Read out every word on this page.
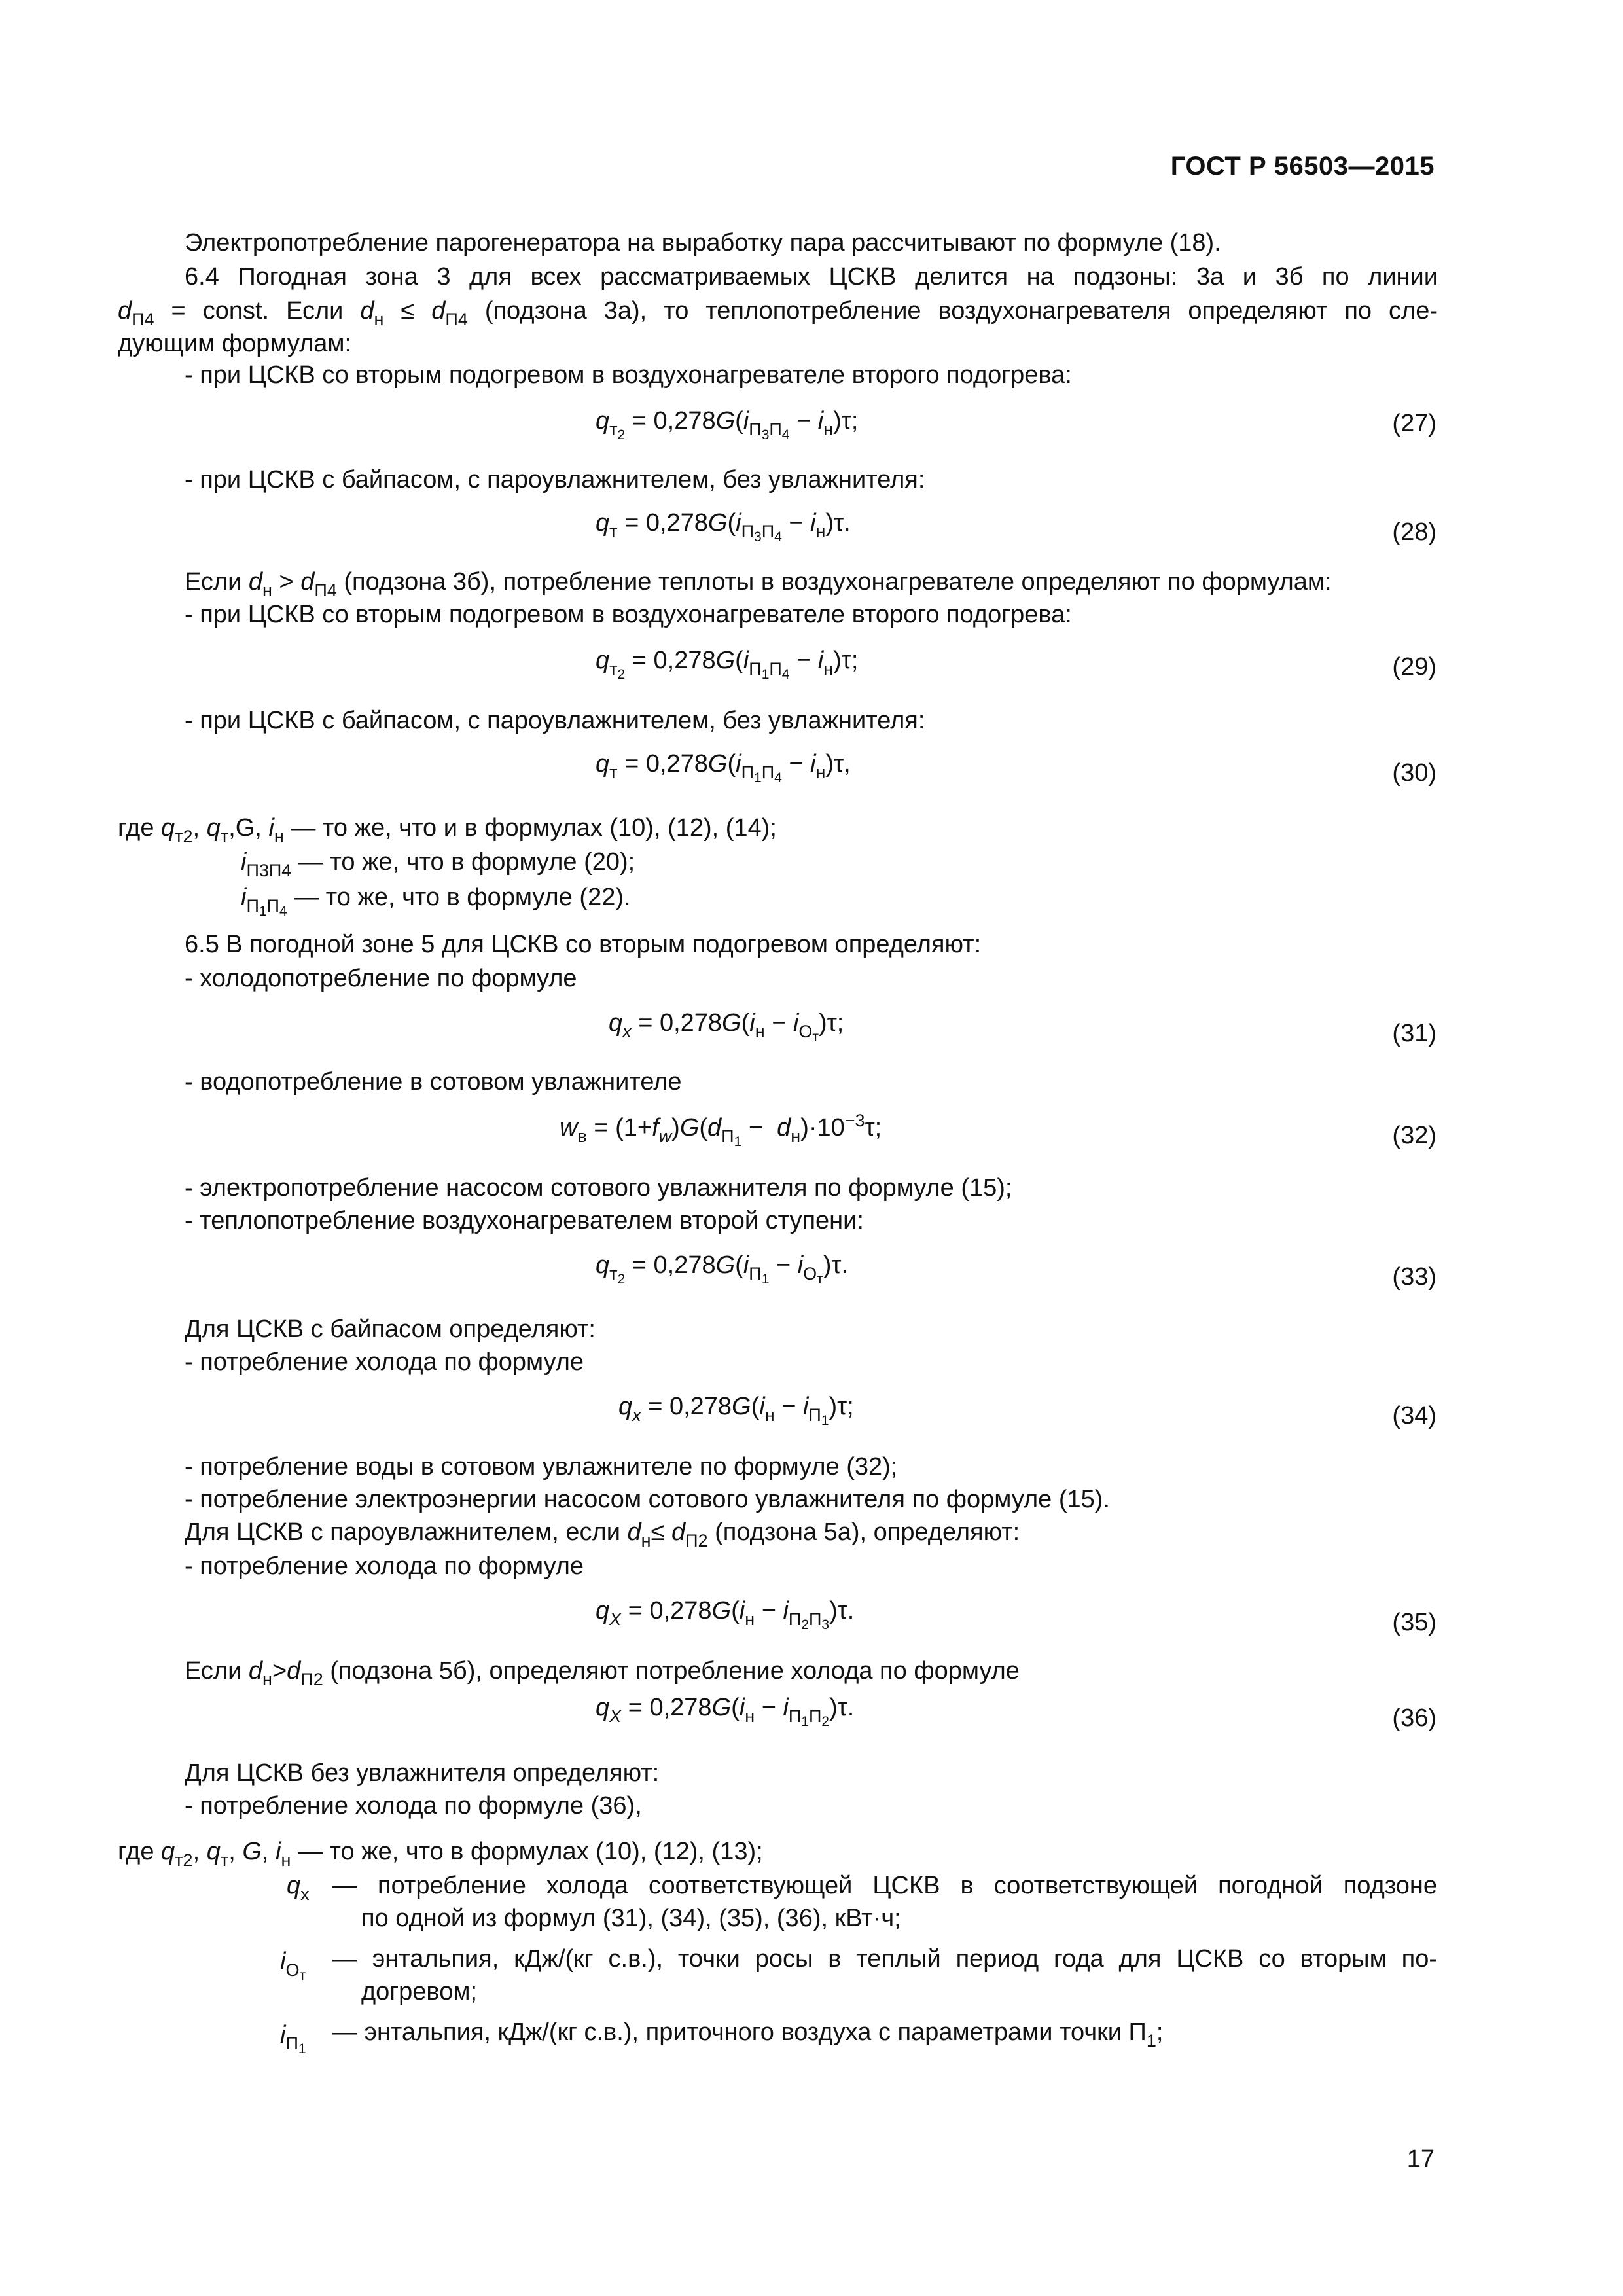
ГОСТ Р 56503—2015
Электропотребление парогенератора на выработку пара рассчитывают по формуле (18).
6.4 Погодная зона 3 для всех рассматриваемых ЦСКВ делится на подзоны: 3а и 3б по линии
$d_{П4}$ = const. Если $d_н \le d_{П4}$ (подзона 3а), то теплопотребление воздухонагревателя определяют по сле-
дующим формулам:
- при ЦСКВ со вторым подогревом в воздухонагревателе второго подогрева:
$q_{т_2} = 0,278G(i_{П_3П_4} - i_н)\tau$;	(27)
- при ЦСКВ с байпасом, с пароувлажнителем, без увлажнителя:
$q_т = 0,278G(i_{П_3П_4} - i_н)\tau$.	(28)
Если $d_н > d_{П4}$ (подзона 3б), потребление теплоты в воздухонагревателе определяют по формулам:
- при ЦСКВ со вторым подогревом в воздухонагревателе второго подогрева:
$q_{т_2} = 0,278G(i_{П_1П_4} - i_н)\tau$;	(29)
- при ЦСКВ с байпасом, с пароувлажнителем, без увлажнителя:
$q_т = 0,278G(i_{П_1П_4} - i_н)\tau$,	(30)
где $q_{т2}$, $q_т,G$, $i_н$ — то же, что и в формулах (10), (12), (14);
$i_{П3П4}$ — то же, что в формуле (20);
$i_{П_1П_4}$ — то же, что в формуле (22).
6.5 В погодной зоне 5 для ЦСКВ со вторым подогревом определяют:
- холодопотребление по формуле
$q_x = 0,278G(i_н - i_{O_т})\tau$;	(31)
- водопотребление в сотовом увлажнителе
$w_в = (1+f_w)G(d_{П_1} - d_н)\cdot 10^{-3}\tau$;	(32)
- электропотребление насосом сотового увлажнителя по формуле (15);
- теплопотребление воздухонагревателем второй ступени:
$q_{т_2} = 0,278G(i_{П_1} - i_{O_т})\tau$.	(33)
Для ЦСКВ с байпасом определяют:
- потребление холода по формуле
$q_x = 0,278G(i_н - i_{П_1})\tau$;	(34)
- потребление воды в сотовом увлажнителе по формуле (32);
- потребление электроэнергии насосом сотового увлажнителя по формуле (15).
Для ЦСКВ с пароувлажнителем, если $d_н\le d_{П2}$ (подзона 5а), определяют:
- потребление холода по формуле
$q_X = 0,278G(i_н - i_{П_2П_3})\tau$.	(35)
Если $d_н>d_{П2}$ (подзона 5б), определяют потребление холода по формуле
$q_X = 0,278G(i_н - i_{П_1П_2})\tau$.	(36)
Для ЦСКВ без увлажнителя определяют:
- потребление холода по формуле (36),
где $q_{т2}$, $q_т$, G, $i_н$ — то же, что в формулах (10), (12), (13);
$q_x$ — потребление холода соответствующей ЦСКВ в соответствующей погодной подзоне
по одной из формул (31), (34), (35), (36), кВт·ч;
$i_{O_т}$
— энтальпия, кДж/(кг с.в.), точки росы в теплый период года для ЦСКВ со вторым по-
догревом;
$i_{П_1}$
— энтальпия, кДж/(кг с.в.), приточного воздуха с параметрами точки $П_1$;
17
